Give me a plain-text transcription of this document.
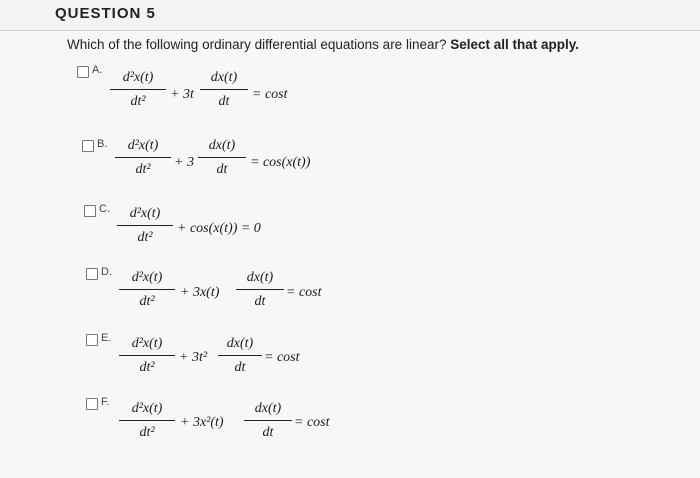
QUESTION 5
Which of the following ordinary differential equations are linear? Select all that apply.
A.	d²x(t)
dt²	+ 3t
dx(t)
dt	= cost
B.	d²x(t)
dt²	+ 3
dx(t)
dt	= cos(x(t))
C.	d²x(t)
dt²
+ cos(x(t)) = 0
D.	d²x(t)
dt²
+ 3x(t)
dx(t)
dt
= cost
E.	d²x(t)
dt²
+ 3t²
dx(t)
dt
= cost
F.	d²x(t)
dt²
+ 3x²(t)
dx(t)
dt
= cost
